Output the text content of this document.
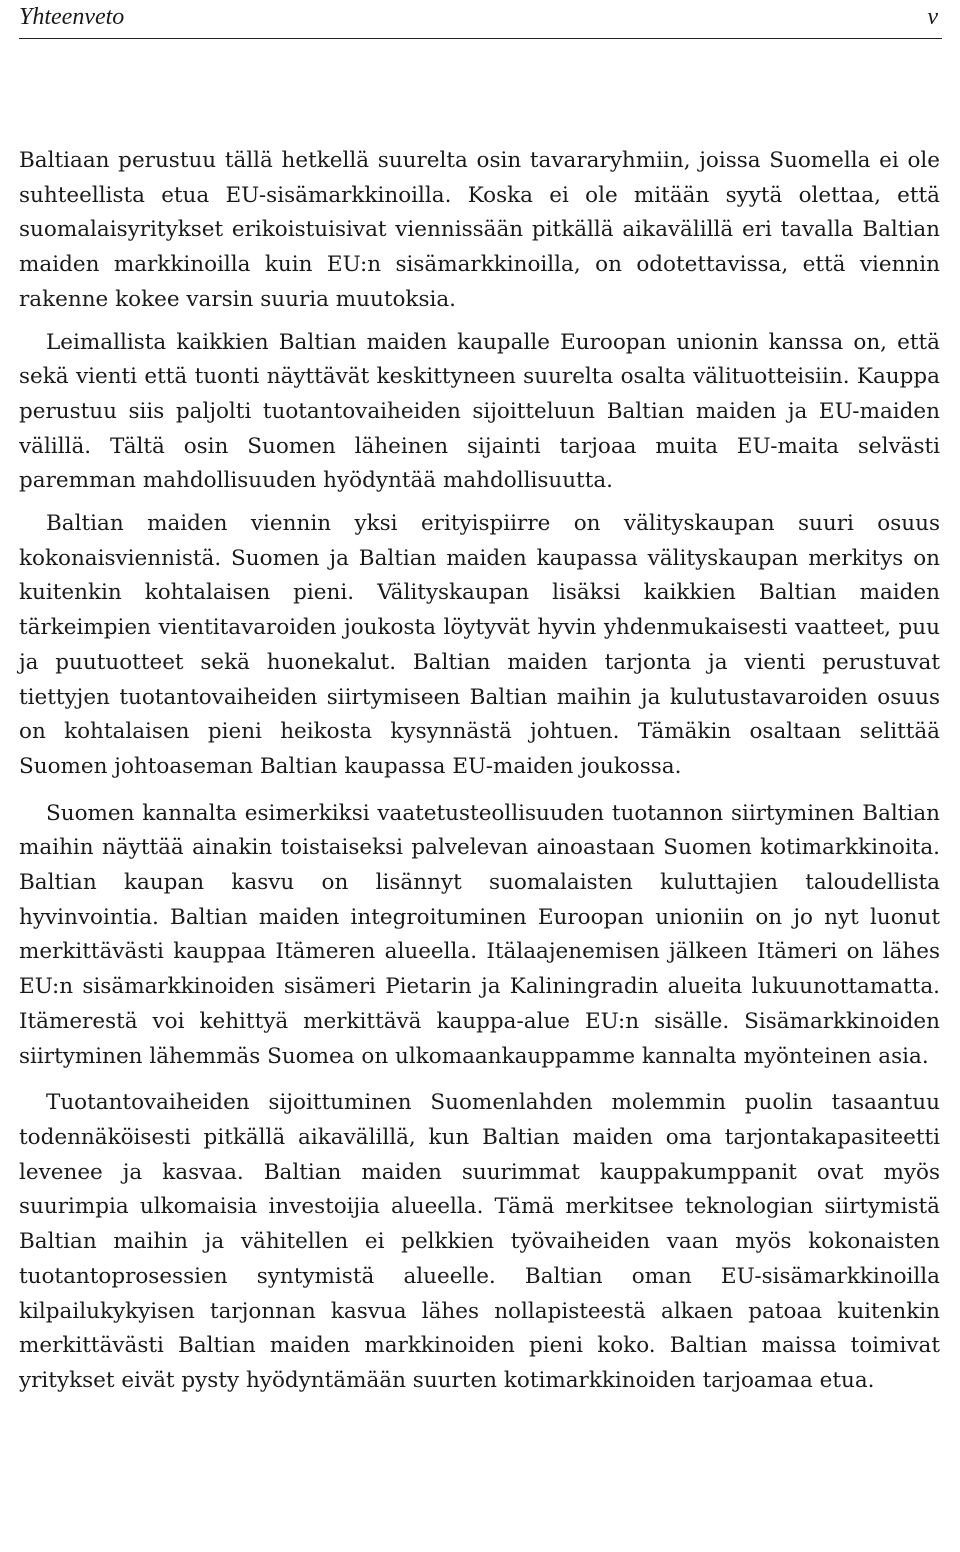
Yhteenveto	v

Baltiaan perustuu tällä hetkellä suurelta osin tavararyhmiin, joissa Suomella ei ole suhteellista etua EU-sisämarkkinoilla. Koska ei ole mitään syytä olettaa, että suomalaisyritykset erikoistuisivat viennissään pitkällä aikavälillä eri tavalla Baltian maiden markkinoilla kuin EU:n sisämarkkinoilla, on odotettavissa, että viennin rakenne kokee varsin suuria muutoksia.

Leimallista kaikkien Baltian maiden kaupalle Euroopan unionin kanssa on, että sekä vienti että tuonti näyttävät keskittyneen suurelta osalta välituotteisiin. Kauppa perustuu siis paljolti tuotantovaiheiden sijoitteluun Baltian maiden ja EU-maiden välillä. Tältä osin Suomen läheinen sijainti tarjoaa muita EU-maita selvästi paremman mahdollisuuden hyödyntää mahdollisuutta.

Baltian maiden viennin yksi erityispiirre on välityskaupan suuri osuus kokonaisviennistä. Suomen ja Baltian maiden kaupassa välityskaupan merkitys on kuitenkin kohtalaisen pieni. Välityskaupan lisäksi kaikkien Baltian maiden tärkeimpien vientitavaroiden joukosta löytyvät hyvin yhdenmukaisesti vaatteet, puu ja puutuotteet sekä huonekalut. Baltian maiden tarjonta ja vienti perustuvat tiettyjen tuotantovaiheiden siirtymiseen Baltian maihin ja kulutustavaroiden osuus on kohtalaisen pieni heikosta kysynnästä johtuen. Tämäkin osaltaan selittää Suomen johtoaseman Baltian kaupassa EU-maiden joukossa.

Suomen kannalta esimerkiksi vaatetusteollisuuden tuotannon siirtyminen Baltian maihin näyttää ainakin toistaiseksi palvelevan ainoastaan Suomen kotimarkkinoita. Baltian kaupan kasvu on lisännyt suomalaisten kuluttajien taloudellista hyvinvointia. Baltian maiden integroituminen Euroopan unioniin on jo nyt luonut merkittävästi kauppaa Itämeren alueella. Itälaajenemisen jälkeen Itämeri on lähes EU:n sisämarkkinoiden sisämeri Pietarin ja Kaliningradin alueita lukuunottamatta. Itämerestä voi kehittyä merkittävä kauppa-alue EU:n sisälle. Sisämarkkinoiden siirtyminen lähemmäs Suomea on ulkomaankauppamme kannalta myönteinen asia.

Tuotantovaiheiden sijoittuminen Suomenlahden molemmin puolin tasaantuu todennäköisesti pitkällä aikavälillä, kun Baltian maiden oma tarjontakapasiteetti levenee ja kasvaa. Baltian maiden suurimmat kauppakumppanit ovat myös suurimpia ulkomaisia investoijia alueella. Tämä merkitsee teknologian siirtymistä Baltian maihin ja vähitellen ei pelkkien työvaiheiden vaan myös kokonaisten tuotantoprosessien syntymistä alueelle. Baltian oman EU-sisämarkkinoilla kilpailukykyisen tarjonnan kasvua lähes nollapisteestä alkaen patoaa kuitenkin merkittävästi Baltian maiden markkinoiden pieni koko. Baltian maissa toimivat yritykset eivät pysty hyödyntämään suurten kotimarkkinoiden tarjoamaa etua.
